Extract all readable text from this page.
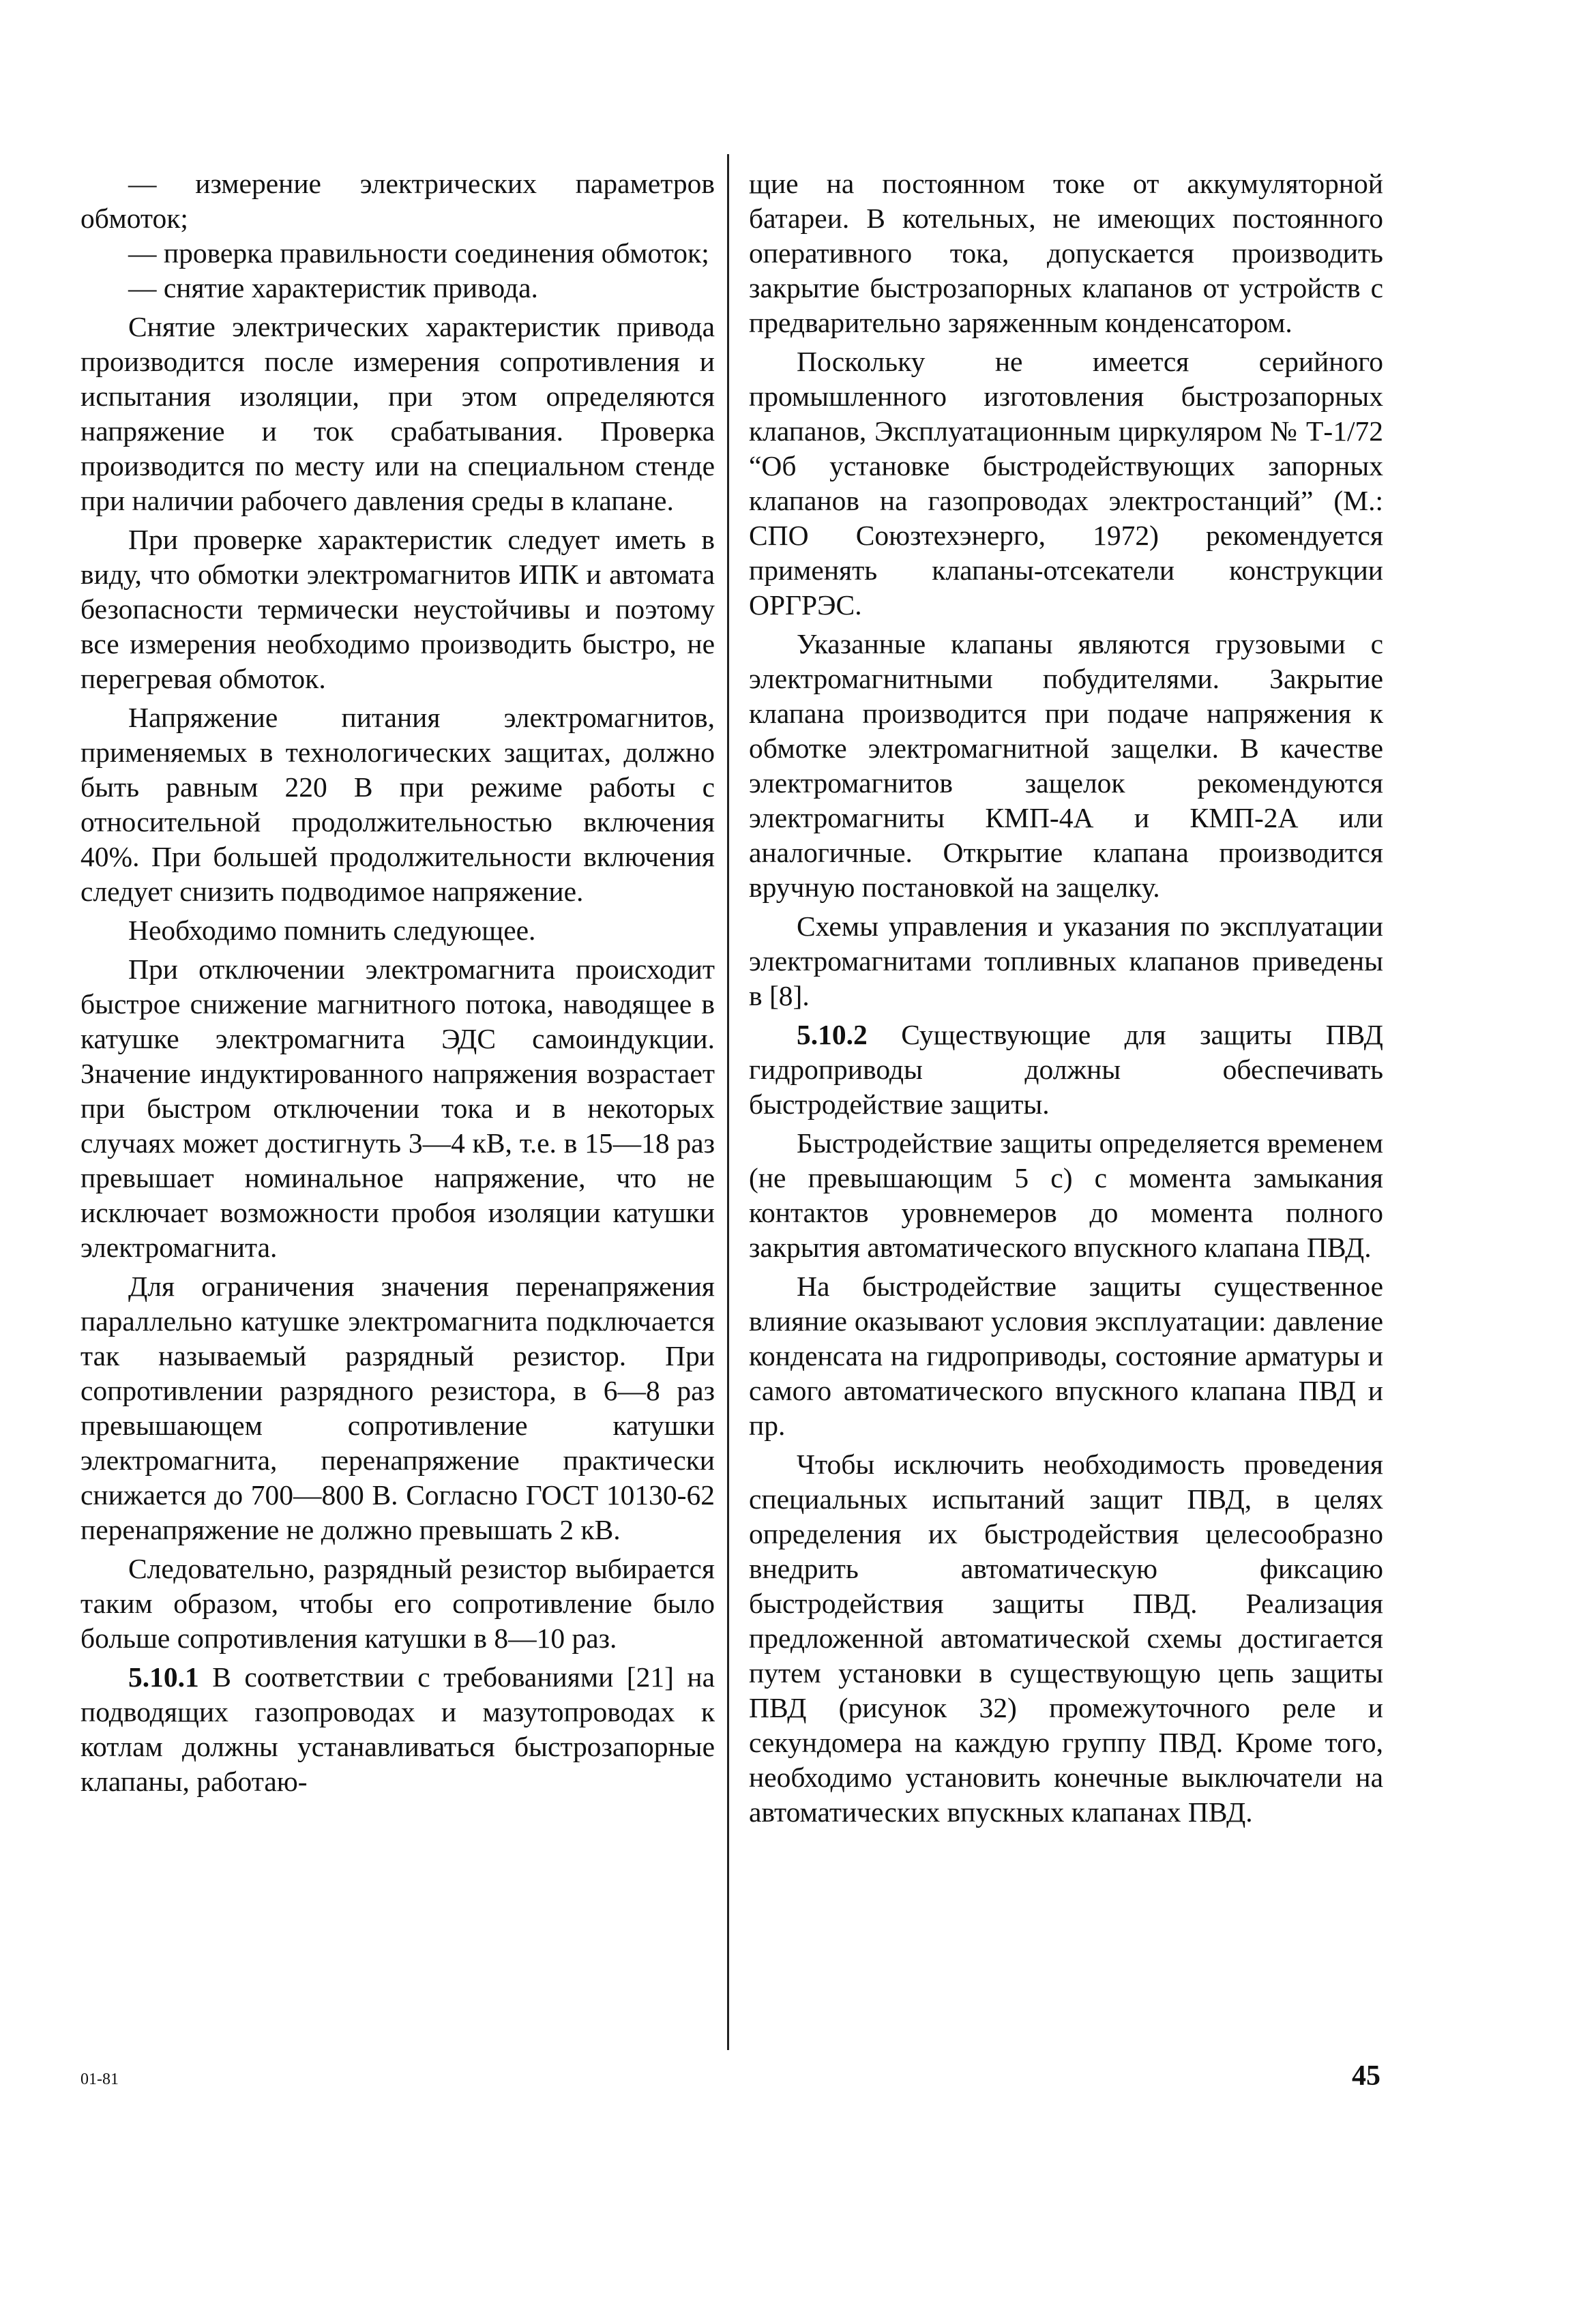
— измерение электрических параметров обмоток;

— проверка правильности соединения обмоток;

— снятие характеристик привода.

Снятие электрических характеристик привода производится после измерения сопротивления и испытания изоляции, при этом определяются напряжение и ток срабатывания. Проверка производится по месту или на специальном стенде при наличии рабочего давления среды в клапане.

При проверке характеристик следует иметь в виду, что обмотки электромагнитов ИПК и автомата безопасности термически неустойчивы и поэтому все измерения необходимо производить быстро, не перегревая обмоток.

Напряжение питания электромагнитов, применяемых в технологических защитах, должно быть равным 220 В при режиме работы с относительной продолжительностью включения 40%. При большей продолжительности включения следует снизить подводимое напряжение.

Необходимо помнить следующее.

При отключении электромагнита происходит быстрое снижение магнитного потока, наводящее в катушке электромагнита ЭДС самоиндукции. Значение индуктированного напряжения возрастает при быстром отключении тока и в некоторых случаях может достигнуть 3—4 кВ, т.е. в 15—18 раз превышает номинальное напряжение, что не исключает возможности пробоя изоляции катушки электромагнита.

Для ограничения значения перенапряжения параллельно катушке электромагнита подключается так называемый разрядный резистор. При сопротивлении разрядного резистора, в 6—8 раз превышающем сопротивление катушки электромагнита, перенапряжение практически снижается до 700—800 В. Согласно ГОСТ 10130-62 перенапряжение не должно превышать 2 кВ.

Следовательно, разрядный резистор выбирается таким образом, чтобы его сопротивление было больше сопротивления катушки в 8—10 раз.

5.10.1 В соответствии с требованиями [21] на подводящих газопроводах и мазутопроводах к котлам должны устанавливаться быстрозапорные клапаны, работаю-

щие на постоянном токе от аккумуляторной батареи. В котельных, не имеющих постоянного оперативного тока, допускается производить закрытие быстрозапорных клапанов от устройств с предварительно заряженным конденсатором.

Поскольку не имеется серийного промышленного изготовления быстрозапорных клапанов, Эксплуатационным циркуляром № Т-1/72 “Об установке быстродействующих запорных клапанов на газопроводах электростанций” (М.: СПО Союзтехэнерго, 1972) рекомендуется применять клапаны-отсекатели конструкции ОРГРЭС.

Указанные клапаны являются грузовыми с электромагнитными побудителями. Закрытие клапана производится при подаче напряжения к обмотке электромагнитной защелки. В качестве электромагнитов защелок рекомендуются электромагниты КМП-4А и КМП-2А или аналогичные. Открытие клапана производится вручную постановкой на защелку.

Схемы управления и указания по эксплуатации электромагнитами топливных клапанов приведены в [8].

5.10.2 Существующие для защиты ПВД гидроприводы должны обеспечивать быстродействие защиты.

Быстродействие защиты определяется временем (не превышающим 5 с) с момента замыкания контактов уровнемеров до момента полного закрытия автоматического впускного клапана ПВД.

На быстродействие защиты существенное влияние оказывают условия эксплуатации: давление конденсата на гидроприводы, состояние арматуры и самого автоматического впускного клапана ПВД и пр.

Чтобы исключить необходимость проведения специальных испытаний защит ПВД, в целях определения их быстродействия целесообразно внедрить автоматическую фиксацию быстродействия защиты ПВД. Реализация предложенной автоматической схемы достигается путем установки в существующую цепь защиты ПВД (рисунок 32) промежуточного реле и секундомера на каждую группу ПВД. Кроме того, необходимо установить конечные выключатели на автоматических впускных клапанах ПВД.

01-81	45
